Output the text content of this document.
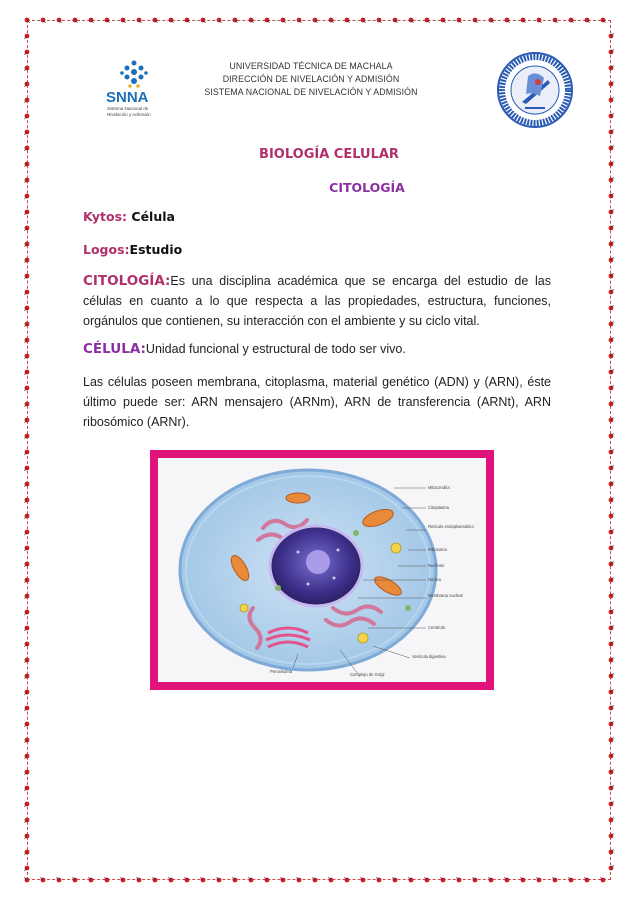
SNNA
Sistema Nacional de
Nivelación y Admisión
UNIVERSIDAD TÉCNICA DE MACHALA
DIRECCIÓN DE NIVELACIÓN Y ADMISIÓN
SISTEMA NACIONAL DE NIVELACIÓN Y ADMISIÓN
BIOLOGÍA CELULAR
CITOLOGÍA
Kytos: Célula
Logos:Estudio
CITOLOGÍA:Es una disciplina académica que se encarga del estudio de las células en cuanto a lo que respecta a las propiedades, estructura, funciones, orgánulos que contienen, su interacción con el ambiente y su ciclo vital.
CÉLULA:Unidad funcional y estructural de todo ser vivo.
Las células poseen membrana, citoplasma, material genético (ADN) y (ARN), éste último puede ser: ARN mensajero (ARNm), ARN de transferencia (ARNt), ARN ribosómico (ARNr).
Mitocondria
Citoplasma
Retículo endoplasmático
Ribosoma
Nucléolo
Núcleo
Membrana nuclear
Centríolo
Vesícula digestiva
Peroxisoma
Complejo de Golgi
